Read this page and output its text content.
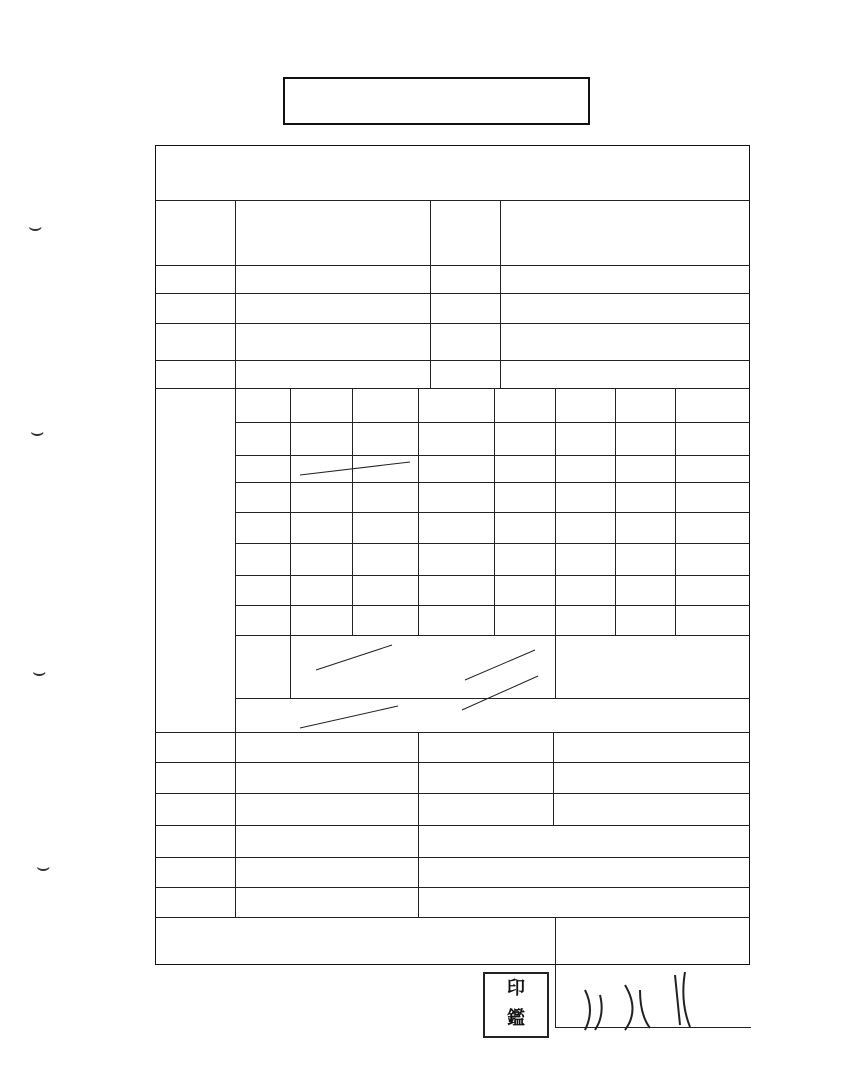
⌣
⌣
⌣
⌣
印
鑑
